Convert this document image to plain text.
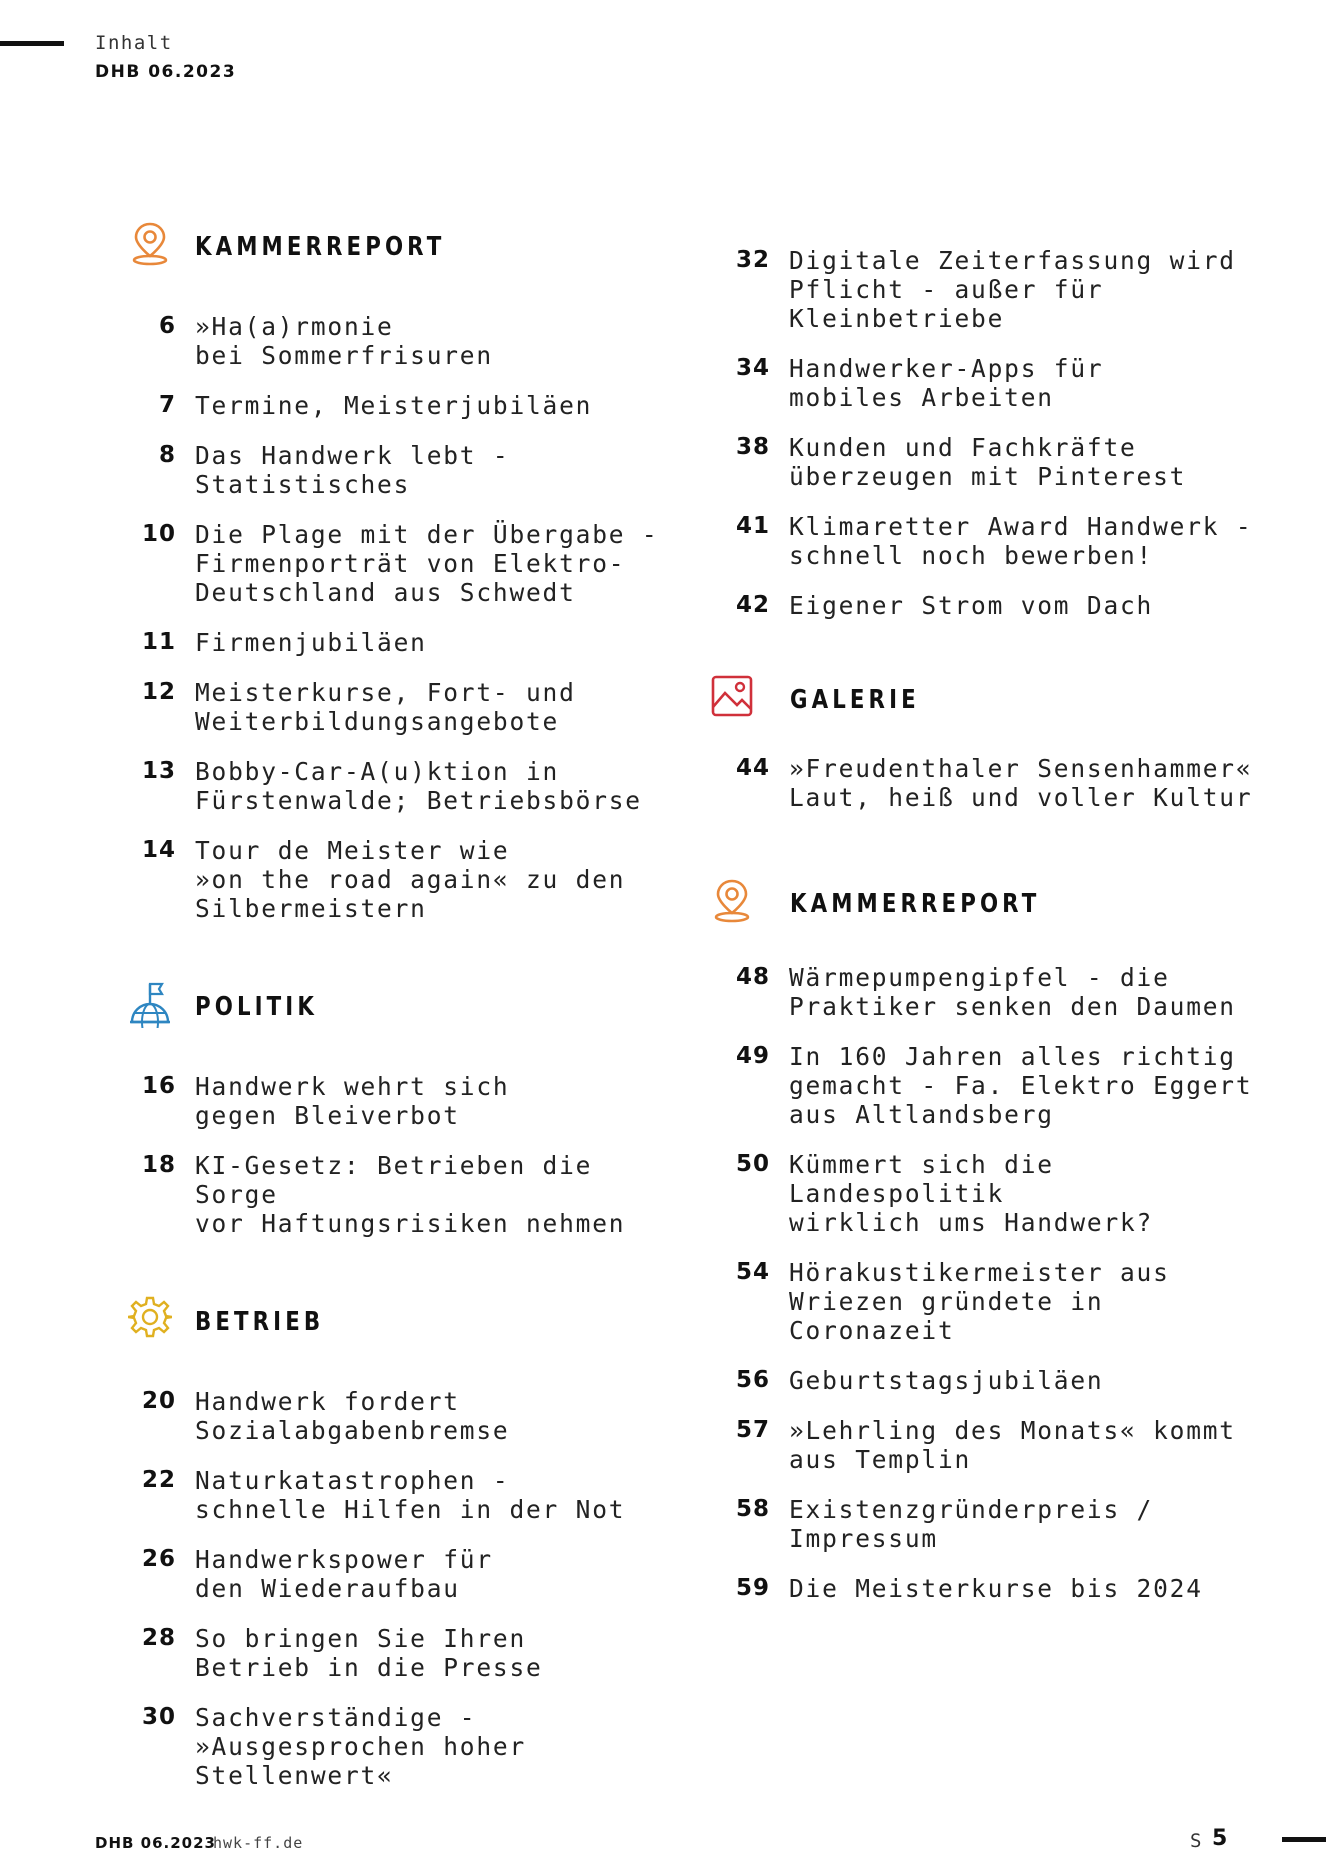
Inhalt
DHB 06.2023
KAMMERREPORT
6 »Ha(a)rmonie
bei Sommerfrisuren
7 Termine, Meisterjubiläen
8 Das Handwerk lebt -
Statistisches
10 Die Plage mit der Übergabe -
Firmenporträt von Elektro-
Deutschland aus Schwedt
11 Firmenjubiläen
12 Meisterkurse, Fort- und
Weiterbildungsangebote
13 Bobby-Car-A(u)ktion in
Fürstenwalde; Betriebsbörse
14 Tour de Meister wie
»on the road again« zu den
Silbermeistern
POLITIK
16 Handwerk wehrt sich
gegen Bleiverbot
18 KI-Gesetz: Betrieben die Sorge
vor Haftungsrisiken nehmen
BETRIEB
20 Handwerk fordert
Sozialabgabenbremse
22 Naturkatastrophen -
schnelle Hilfen in der Not
26 Handwerkspower für
den Wiederaufbau
28 So bringen Sie Ihren
Betrieb in die Presse
30 Sachverständige -
»Ausgesprochen hoher
Stellenwert«
32 Digitale Zeiterfassung wird
Pflicht - außer für Kleinbetriebe
34 Handwerker-Apps für
mobiles Arbeiten
38 Kunden und Fachkräfte
überzeugen mit Pinterest
41 Klimaretter Award Handwerk -
schnell noch bewerben!
42 Eigener Strom vom Dach
GALERIE
44 »Freudenthaler Sensenhammer«
Laut, heiß und voller Kultur
KAMMERREPORT
48 Wärmepumpengipfel - die
Praktiker senken den Daumen
49 In 160 Jahren alles richtig
gemacht - Fa. Elektro Eggert
aus Altlandsberg
50 Kümmert sich die Landespolitik
wirklich ums Handwerk?
54 Hörakustikermeister aus
Wriezen gründete in Coronazeit
56 Geburtstagsjubiläen
57 »Lehrling des Monats« kommt
aus Templin
58 Existenzgründerpreis /
Impressum
59 Die Meisterkurse bis 2024
DHB 06.2023
hwk-ff.de	S 5
